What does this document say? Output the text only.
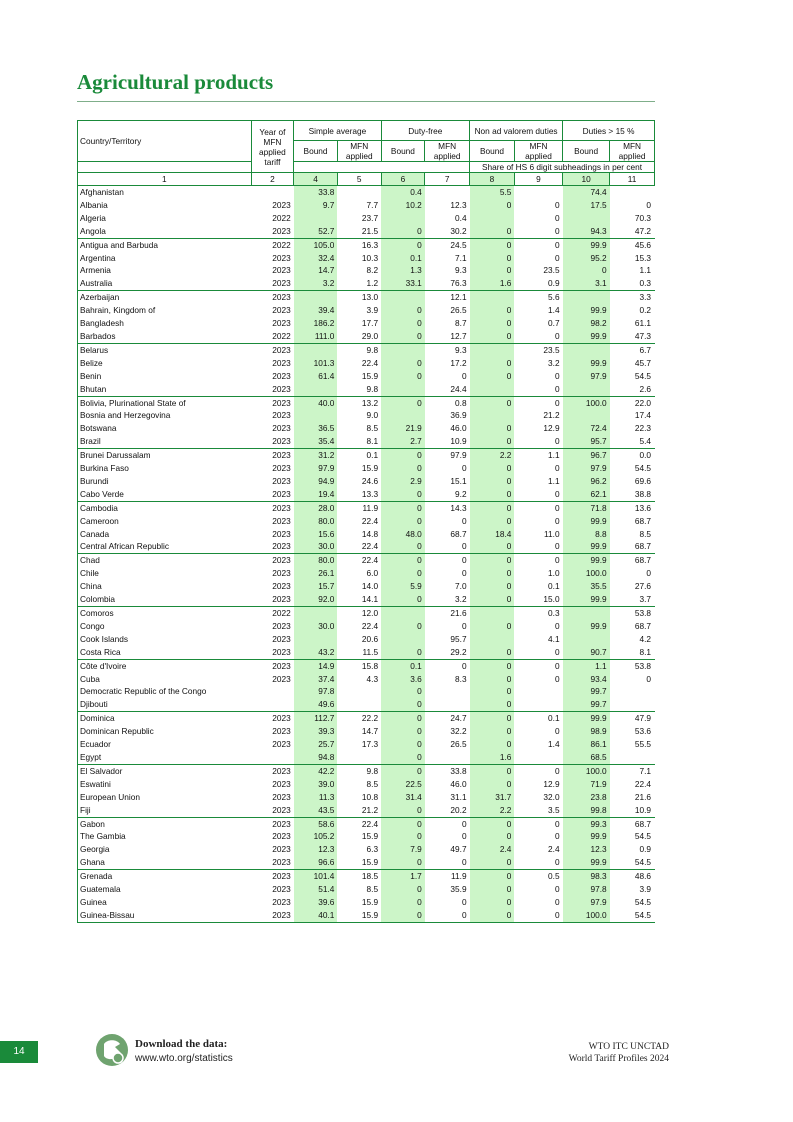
Agricultural products
Country/Territory	Year of MFN applied tariff	Simple average		Duty-free		Non ad valorem duties		Duties > 15 %	
		Bound	MFN applied	Bound	MFN applied	Bound	MFN applied	Bound	MFN applied
						Share of HS 6 digit subheadings in per cent			
1	2	4	5	6	7	8	9	10	11
Afghanistan		33.8		0.4		5.5		74.4	
Albania	2023	9.7	7.7	10.2	12.3	0	0	17.5	0
Algeria	2022		23.7		0.4		0		70.3
Angola	2023	52.7	21.5	0	30.2	0	0	94.3	47.2
Antigua and Barbuda	2022	105.0	16.3	0	24.5	0	0	99.9	45.6
Argentina	2023	32.4	10.3	0.1	7.1	0	0	95.2	15.3
Armenia	2023	14.7	8.2	1.3	9.3	0	23.5	0	1.1
Australia	2023	3.2	1.2	33.1	76.3	1.6	0.9	3.1	0.3
Azerbaijan	2023		13.0		12.1		5.6		3.3
Bahrain, Kingdom of	2023	39.4	3.9	0	26.5	0	1.4	99.9	0.2
Bangladesh	2023	186.2	17.7	0	8.7	0	0.7	98.2	61.1
Barbados	2022	111.0	29.0	0	12.7	0	0	99.9	47.3
Belarus	2023		9.8		9.3		23.5		6.7
Belize	2023	101.3	22.4	0	17.2	0	3.2	99.9	45.7
Benin	2023	61.4	15.9	0	0	0	0	97.9	54.5
Bhutan	2023		9.8		24.4		0		2.6
Bolivia, Plurinational State of	2023	40.0	13.2	0	0.8	0	0	100.0	22.0
Bosnia and Herzegovina	2023		9.0		36.9		21.2		17.4
Botswana	2023	36.5	8.5	21.9	46.0	0	12.9	72.4	22.3
Brazil	2023	35.4	8.1	2.7	10.9	0	0	95.7	5.4
Brunei Darussalam	2023	31.2	0.1	0	97.9	2.2	1.1	96.7	0.0
Burkina Faso	2023	97.9	15.9	0	0	0	0	97.9	54.5
Burundi	2023	94.9	24.6	2.9	15.1	0	1.1	96.2	69.6
Cabo Verde	2023	19.4	13.3	0	9.2	0	0	62.1	38.8
Cambodia	2023	28.0	11.9	0	14.3	0	0	71.8	13.6
Cameroon	2023	80.0	22.4	0	0	0	0	99.9	68.7
Canada	2023	15.6	14.8	48.0	68.7	18.4	11.0	8.8	8.5
Central African Republic	2023	30.0	22.4	0	0	0	0	99.9	68.7
Chad	2023	80.0	22.4	0	0	0	0	99.9	68.7
Chile	2023	26.1	6.0	0	0	0	1.0	100.0	0
China	2023	15.7	14.0	5.9	7.0	0	0.1	35.5	27.6
Colombia	2023	92.0	14.1	0	3.2	0	15.0	99.9	3.7
Comoros	2022		12.0		21.6		0.3		53.8
Congo	2023	30.0	22.4	0	0	0	0	99.9	68.7
Cook Islands	2023		20.6		95.7		4.1		4.2
Costa Rica	2023	43.2	11.5	0	29.2	0	0	90.7	8.1
Côte d'Ivoire	2023	14.9	15.8	0.1	0	0	0	1.1	53.8
Cuba	2023	37.4	4.3	3.6	8.3	0	0	93.4	0
Democratic Republic of the Congo		97.8		0		0		99.7	
Djibouti		49.6		0		0		99.7	
Dominica	2023	112.7	22.2	0	24.7	0	0.1	99.9	47.9
Dominican Republic	2023	39.3	14.7	0	32.2	0	0	98.9	53.6
Ecuador	2023	25.7	17.3	0	26.5	0	1.4	86.1	55.5
Egypt		94.8		0		1.6		68.5	
El Salvador	2023	42.2	9.8	0	33.8	0	0	100.0	7.1
Eswatini	2023	39.0	8.5	22.5	46.0	0	12.9	71.9	22.4
European Union	2023	11.3	10.8	31.4	31.1	31.7	32.0	23.8	21.6
Fiji	2023	43.5	21.2	0	20.2	2.2	3.5	99.8	10.9
Gabon	2023	58.6	22.4	0	0	0	0	99.3	68.7
The Gambia	2023	105.2	15.9	0	0	0	0	99.9	54.5
Georgia	2023	12.3	6.3	7.9	49.7	2.4	2.4	12.3	0.9
Ghana	2023	96.6	15.9	0	0	0	0	99.9	54.5
Grenada	2023	101.4	18.5	1.7	11.9	0	0.5	98.3	48.6
Guatemala	2023	51.4	8.5	0	35.9	0	0	97.8	3.9
Guinea	2023	39.6	15.9	0	0	0	0	97.9	54.5
Guinea-Bissau	2023	40.1	15.9	0	0	0	0	100.0	54.5
14
Download the data:
www.wto.org/statistics
WTO ITC UNCTAD
World Tariff Profiles 2024
